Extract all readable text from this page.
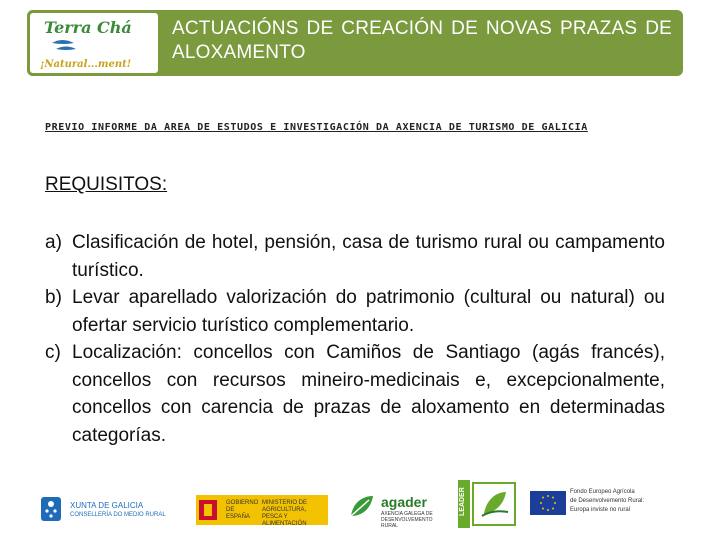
Terra Chá
¡Natural...ment!
ACTUACIÓNS DE CREACIÓN DE NOVAS PRAZAS DE ALOXAMENTO
PREVIO INFORME DA AREA DE ESTUDOS E INVESTIGACIÓN DA AXENCIA DE TURISMO DE GALICIA
REQUISITOS:
a) Clasificación de hotel, pensión, casa de turismo rural ou campamento turístico.
b) Levar aparellado valorización do patrimonio (cultural ou natural) ou ofertar servicio turístico complementario.
c) Localización: concellos con Camiños de Santiago (agás francés), concellos con recursos mineiro-medicinais e, excepcionalmente, concellos con carencia de prazas de aloxamento en determinadas categorías.
XUNTA DE GALICIA
CONSELLERÍA DO MEDIO RURAL
GOBIERNO DE ESPAÑA
MINISTERIO DE AGRICULTURA, PESCA Y ALIMENTACIÓN
agader
AXENCIA GALEGA DE DESENVOLVEMENTO RURAL
LEADER	Fondo Europeo Agrícola
de Desenvolvemento Rural:
Europa inviste no rural
